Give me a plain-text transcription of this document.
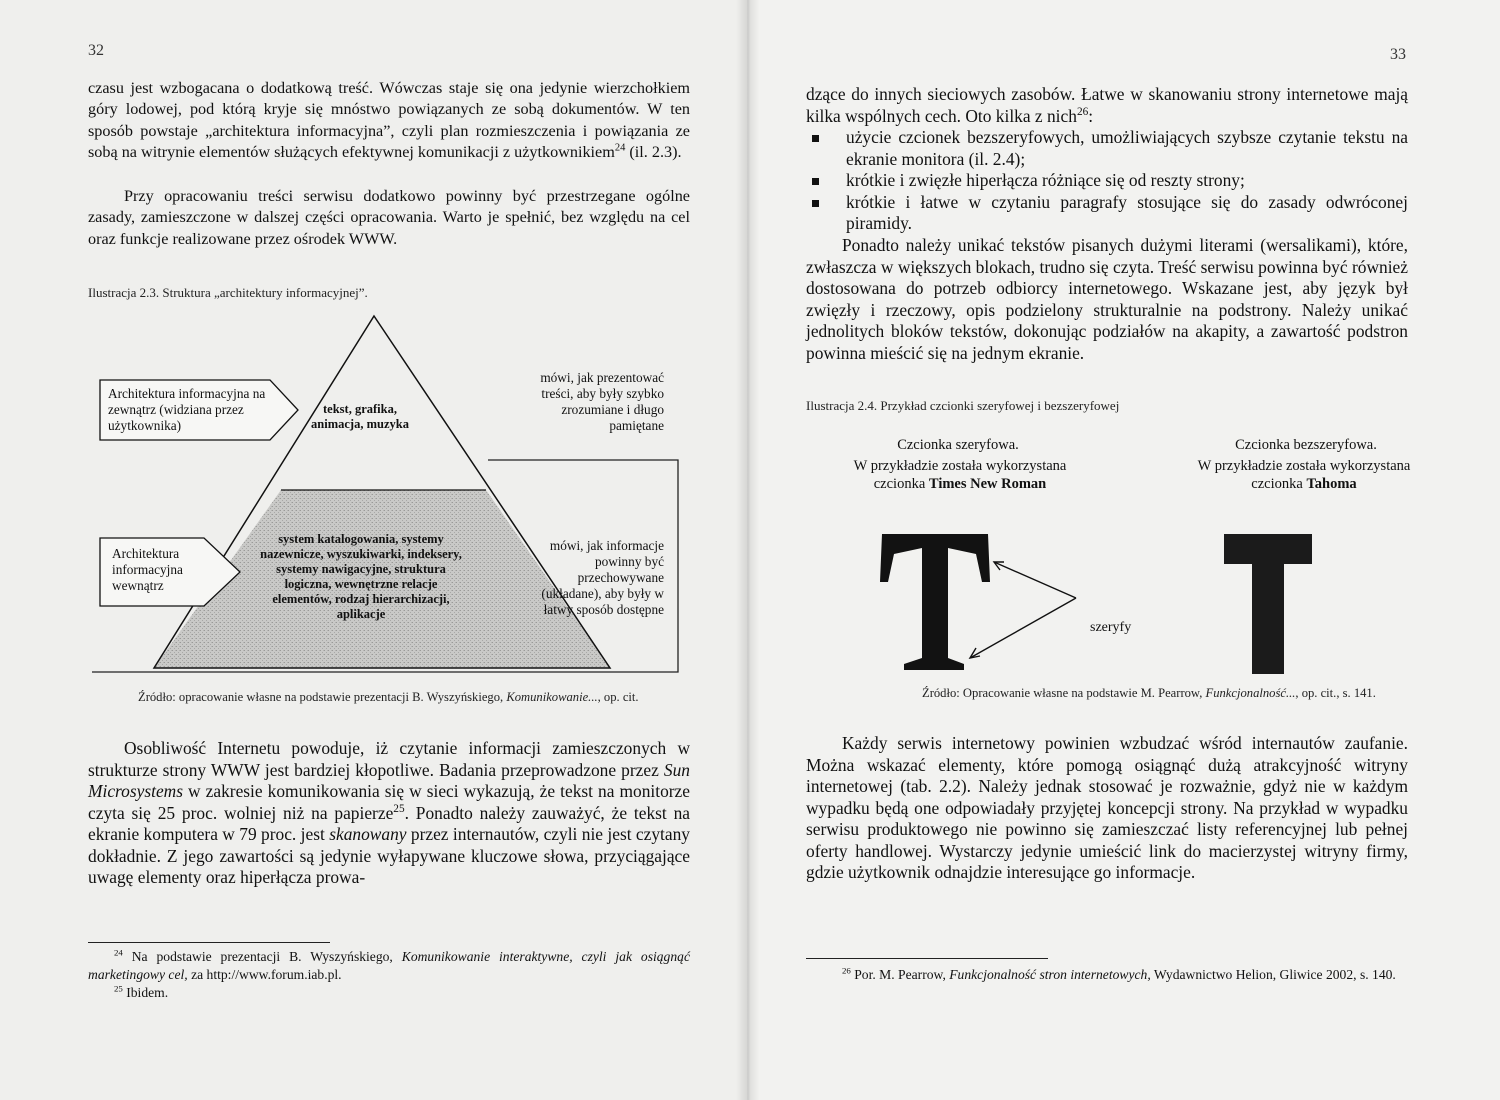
32

czasu jest wzbogacana o dodatkową treść. Wówczas staje się ona jedynie wierzchołkiem góry lodowej, pod którą kryje się mnóstwo powiązanych ze sobą dokumentów. W ten sposób powstaje „architektura informacyjna”, czyli plan rozmieszczenia i powiązania ze sobą na witrynie elementów służących efektywnej komunikacji z użytkownikiem$^{24}$ (il. 2.3).

Przy opracowaniu treści serwisu dodatkowo powinny być przestrzegane ogólne zasady, zamieszczone w dalszej części opracowania. Warto je spełnić, bez względu na cel oraz funkcje realizowane przez ośrodek WWW.

Ilustracja 2.3. Struktura „architektury informacyjnej”.

Architektura informacyjna na zewnątrz (widziana przez użytkownika)

tekst, grafika, animacja, muzyka

mówi, jak prezentować treści, aby były szybko zrozumiane i długo pamiętane

Architektura informacyjna wewnątrz

system katalogowania, systemy nazewnicze, wyszukiwarki, indeksery, systemy nawigacyjne, struktura logiczna, wewnętrzne relacje elementów, rodzaj hierarchizacji, aplikacje

mówi, jak informacje powinny być przechowywane (układane), aby były w łatwy sposób dostępne

Źródło: opracowanie własne na podstawie prezentacji B. Wyszyńskiego, Komunikowanie..., op. cit.

Osobliwość Internetu powoduje, iż czytanie informacji zamieszczonych w strukturze strony WWW jest bardziej kłopotliwe. Badania przeprowadzone przez Sun Microsystems w zakresie komunikowania się w sieci wykazują, że tekst na monitorze czyta się 25 proc. wolniej niż na papierze$^{25}$. Ponadto należy zauważyć, że tekst na ekranie komputera w 79 proc. jest skanowany przez internautów, czyli nie jest czytany dokładnie. Z jego zawartości są jedynie wyłapywane kluczowe słowa, przyciągające uwagę elementy oraz hiperłącza prowa-

$^{24}$ Na podstawie prezentacji B. Wyszyńskiego, Komunikowanie interaktywne, czyli jak osiągnąć marketingowy cel, za http://www.forum.iab.pl.

$^{25}$ Ibidem.

33

dzące do innych sieciowych zasobów. Łatwe w skanowaniu strony internetowe mają kilka wspólnych cech. Oto kilka z nich$^{26}$:

użycie czcionek bezszeryfowych, umożliwiających szybsze czytanie tekstu na ekranie monitora (il. 2.4);
krótkie i zwięzłe hiperłącza różniące się od reszty strony;
krótkie i łatwe w czytaniu paragrafy stosujące się do zasady odwróconej piramidy.

Ponadto należy unikać tekstów pisanych dużymi literami (wersalikami), które, zwłaszcza w większych blokach, trudno się czyta. Treść serwisu powinna być również dostosowana do potrzeb odbiorcy internetowego. Wskazane jest, aby język był zwięzły i rzeczowy, opis podzielony strukturalnie na podstrony. Należy unikać jednolitych bloków tekstów, dokonując podziałów na akapity, a zawartość podstron powinna mieścić się na jednym ekranie.

Ilustracja 2.4. Przykład czcionki szeryfowej i bezszeryfowej

Czcionka szeryfowa.

W przykładzie została wykorzystana
czcionka Times New Roman

Czcionka bezszeryfowa.

W przykładzie została wykorzystana
czcionka Tahoma

szeryfy

Źródło: Opracowanie własne na podstawie M. Pearrow, Funkcjonalność..., op. cit., s. 141.

Każdy serwis internetowy powinien wzbudzać wśród internautów zaufanie. Można wskazać elementy, które pomogą osiągnąć dużą atrakcyjność witryny internetowej (tab. 2.2). Należy jednak stosować je rozważnie, gdyż nie w każdym wypadku będą one odpowiadały przyjętej koncepcji strony. Na przykład w wypadku serwisu produktowego nie powinno się zamieszczać listy referencyjnej lub pełnej oferty handlowej. Wystarczy jedynie umieścić link do macierzystej witryny firmy, gdzie użytkownik odnajdzie interesujące go informacje.

$^{26}$ Por. M. Pearrow, Funkcjonalność stron internetowych, Wydawnictwo Helion, Gliwice 2002, s. 140.
